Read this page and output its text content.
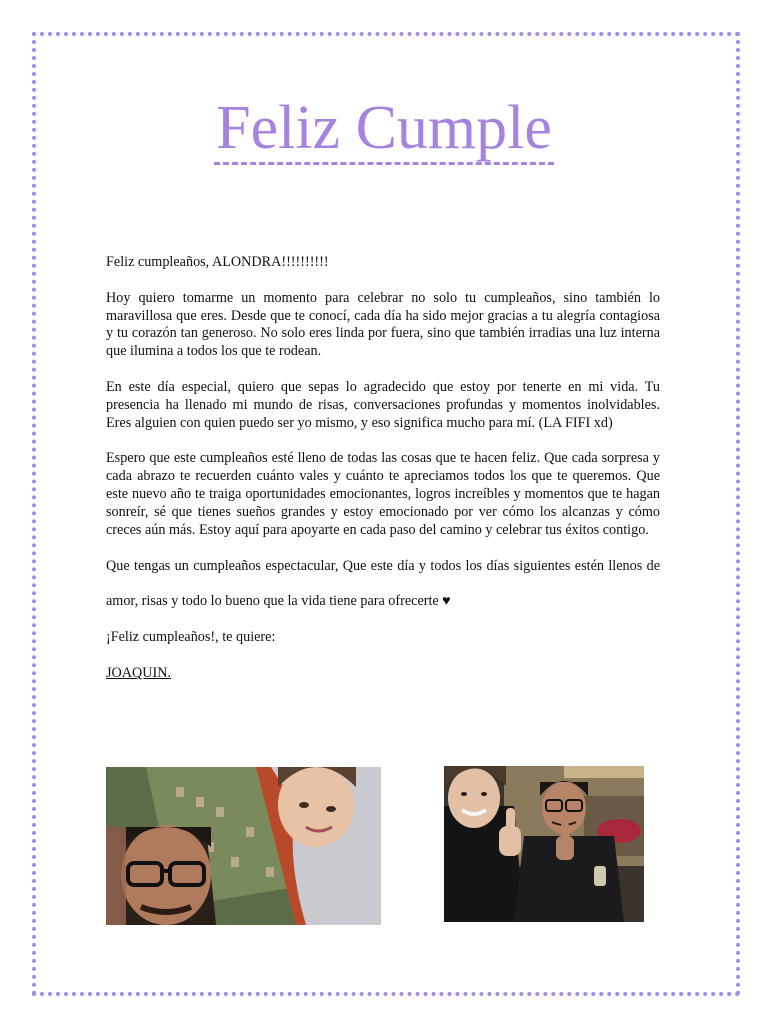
Feliz Cumple

Feliz cumpleaños, ALONDRA!!!!!!!!!!

Hoy quiero tomarme un momento para celebrar no solo tu cumpleaños, sino también lo maravillosa que eres. Desde que te conocí, cada día ha sido mejor gracias a tu alegría contagiosa y tu corazón tan generoso. No solo eres linda por fuera, sino que también irradias una luz interna que ilumina a todos los que te rodean.

En este día especial, quiero que sepas lo agradecido que estoy por tenerte en mi vida. Tu presencia ha llenado mi mundo de risas, conversaciones profundas y momentos inolvidables. Eres alguien con quien puedo ser yo mismo, y eso significa mucho para mí. (LA FIFI xd)

Espero que este cumpleaños esté lleno de todas las cosas que te hacen feliz. Que cada sorpresa y cada abrazo te recuerden cuánto vales y cuánto te apreciamos todos los que te queremos. Que este nuevo año te traiga oportunidades emocionantes, logros increíbles y momentos que te hagan sonreír, sé que tienes sueños grandes y estoy emocionado por ver cómo los alcanzas y cómo creces aún más. Estoy aquí para apoyarte en cada paso del camino y celebrar tus éxitos contigo.

Que tengas un cumpleaños espectacular, Que este día y todos los días siguientes estén llenos de amor, risas y todo lo bueno que la vida tiene para ofrecerte ♥

¡Feliz cumpleaños!, te quiere:

JOAQUIN.
